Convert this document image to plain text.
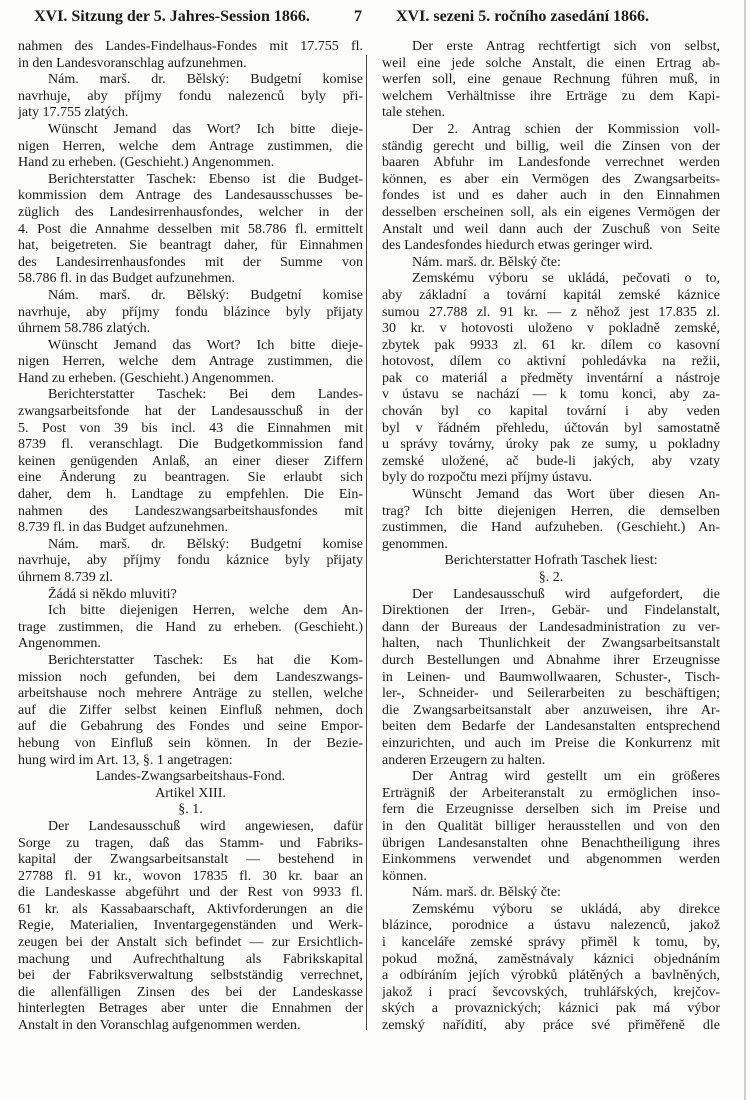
XVI. Sitzung der 5. Jahres-Session 1866.	7 XVI. sezeni 5. ročního zasedání 1866.
nahmen des Landes-Findelhaus-Fondes mit 17.755 fl.
in den Landesvoranschlag aufzunehmen.
Nám. marš. dr. Bělský: Budgetní komise
navrhuje, aby příjmy fondu nalezenců byly při-
jaty 17.755 zlatých.
Wünscht Jemand das Wort? Ich bitte dieje-
nigen Herren, welche dem Antrage zustimmen, die
Hand zu erheben. (Geschieht.) Angenommen.
Berichterstatter Taschek: Ebenso ist die Budget-
kommission dem Antrage des Landesausschusses be-
züglich des Landesirrenhausfondes, welcher in der
4. Post die Annahme desselben mit 58.786 fl. ermittelt
hat, beigetreten. Sie beantragt daher, für Einnahmen
des Landesirrenhausfondes mit der Summe von
58.786 fl. in das Budget aufzunehmen.
Nám. marš. dr. Bělský: Budgetní komise
navrhuje, aby příjmy fondu blázince byly přijaty
úhrnem 58.786 zlatých.
Wünscht Jemand das Wort? Ich bitte dieje-
nigen Herren, welche dem Antrage zustimmen, die
Hand zu erheben. (Geschieht.) Angenommen.
Berichterstatter Taschek: Bei dem Landes-
zwangsarbeitsfonde hat der Landesausschuß in der
5. Post von 39 bis incl. 43 die Einnahmen mit
8739 fl. veranschlagt. Die Budgetkommission fand
keinen genügenden Anlaß, an einer dieser Ziffern
eine Änderung zu beantragen. Sie erlaubt sich
daher, dem h. Landtage zu empfehlen. Die Ein-
nahmen des Landeszwangsarbeitshausfondes mit
8.739 fl. in das Budget aufzunehmen.
Nám. marš. dr. Bělský: Budgetní komise
navrhuje, aby příjmy fondu káznice byly přijaty
úhrnem 8.739 zl.
Žádá si někdo mluviti?
Ich bitte diejenigen Herren, welche dem An-
trage zustimmen, die Hand zu erheben. (Geschieht.)
Angenommen.
Berichterstatter Taschek: Es hat die Kom-
mission noch gefunden, bei dem Landeszwangs-
arbeitshause noch mehrere Anträge zu stellen, welche
auf die Ziffer selbst keinen Einfluß nehmen, doch
auf die Gebahrung des Fondes und seine Empor-
hebung von Einfluß sein können. In der Bezie-
hung wird im Art. 13, §. 1 angetragen:
Landes-Zwangsarbeitshaus-Fond.
Artikel XIII.
§. 1.
Der Landesausschuß wird angewiesen, dafür
Sorge zu tragen, daß das Stamm- und Fabriks-
kapital der Zwangsarbeitsanstalt — bestehend in
27788 fl. 91 kr., wovon 17835 fl. 30 kr. baar an
die Landeskasse abgeführt und der Rest von 9933 fl.
61 kr. als Kassabaarschaft, Aktivforderungen an die
Regie, Materialien, Inventargegenständen und Werk-
zeugen bei der Anstalt sich befindet — zur Ersichtlich-
machung und Aufrechthaltung als Fabrikskapital
bei der Fabriksverwaltung selbstständig verrechnet,
die allenfälligen Zinsen des bei der Landeskasse
hinterlegten Betrages aber unter die Ennahmen der
Anstalt in den Voranschlag aufgenommen werden.
Der erste Antrag rechtfertigt sich von selbst,
weil eine jede solche Anstalt, die einen Ertrag ab-
werfen soll, eine genaue Rechnung führen muß, in
welchem Verhältnisse ihre Erträge zu dem Kapi-
tale stehen.
Der 2. Antrag schien der Kommission voll-
ständig gerecht und billig, weil die Zinsen von der
baaren Abfuhr im Landesfonde verrechnet werden
können, es aber ein Vermögen des Zwangsarbeits-
fondes ist und es daher auch in den Einnahmen
desselben erscheinen soll, als ein eigenes Vermögen der
Anstalt und weil dann auch der Zuschuß von Seite
des Landesfondes hiedurch etwas geringer wird.
Nám. marš. dr. Bělský čte:
Zemskému výboru se ukládá, pečovati o to,
aby základní a tovární kapitál zemské káznice
sumou 27.788 zl. 91 kr. — z něhož jest 17.835 zl.
30 kr. v hotovosti uloženo v pokladně zemské,
zbytek pak 9933 zl. 61 kr. dílem co kasovní
hotovost, dílem co aktivní pohledávka na režii,
pak co materiál a předměty inventární a nástroje
v ústavu se nachází — k tomu konci, aby za-
chován byl co kapital tovární i aby veden
byl v řádném přehledu, účtován byl samostatně
u správy továrny, úroky pak ze sumy, u pokladny
zemské uložené, ač bude-li jakých, aby vzaty
byly do rozpočtu mezi příjmy ústavu.
Wünscht Jemand das Wort über diesen An-
trag? Ich bitte diejenigen Herren, die demselben
zustimmen, die Hand aufzuheben. (Geschieht.) An-
genommen.
Berichterstatter Hofrath Taschek liest:
§. 2.
Der Landesausschuß wird aufgefordert, die
Direktionen der Irren-, Gebär- und Findelanstalt,
dann der Bureaus der Landesadministration zu ver-
halten, nach Thunlichkeit der Zwangsarbeitsanstalt
durch Bestellungen und Abnahme ihrer Erzeugnisse
in Leinen- und Baumwollwaaren, Schuster-, Tisch-
ler-, Schneider- und Seilerarbeiten zu beschäftigen;
die Zwangsarbeitsanstalt aber anzuweisen, ihre Ar-
beiten dem Bedarfe der Landesanstalten entsprechend
einzurichten, und auch im Preise die Konkurrenz mit
anderen Erzeugern zu halten.
Der Antrag wird gestellt um ein größeres
Erträgniß der Arbeiteranstalt zu ermöglichen inso-
fern die Erzeugnisse derselben sich im Preise und
in den Qualität billiger herausstellen und von den
übrigen Landesanstalten ohne Benachtheiligung ihres
Einkommens verwendet und abgenommen werden
können.
Nám. marš. dr. Bělský čte:
Zemskému výboru se ukládá, aby direkce
blázince, porodnice a ústavu nalezenců, jakož
i kanceláře zemské správy přiměl k tomu, by,
pokud možná, zaměstnávaly káznici objednáním
a odbíráním jejích výrobků plátěných a bavlněných,
jakož i prací ševcovských, truhlářských, krejčov-
ských a provaznických; káznici pak má výbor
zemský nařídití, aby práce své přiměřeně dle
